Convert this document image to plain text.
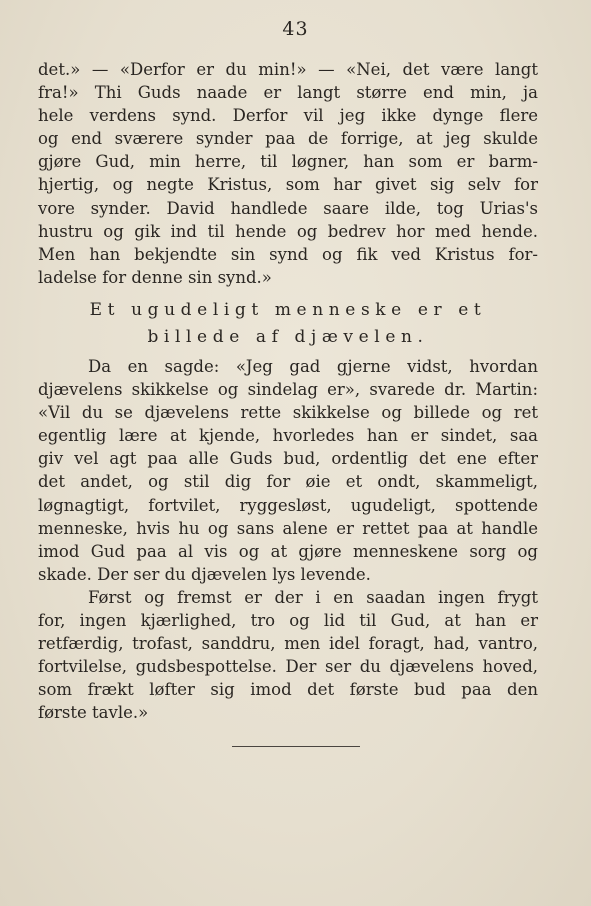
43
det.» — «Derfor er du min!» — «Nei, det være langt
fra!» Thi Guds naade er langt større end min, ja
hele verdens synd. Derfor vil jeg ikke dynge flere
og end sværere synder paa de forrige, at jeg skulde
gjøre Gud, min herre, til løgner, han som er barm-
hjertig, og negte Kristus, som har givet sig selv for
vore synder. David handlede saare ilde, tog Urias's
hustru og gik ind til hende og bedrev hor med hende.
Men han bekjendte sin synd og fik ved Kristus for-
ladelse for denne sin synd.»
Et ugudeligt menneske er et
billede af djævelen.
Da en sagde: «Jeg gad gjerne vidst, hvordan
djævelens skikkelse og sindelag er», svarede dr. Martin:
«Vil du se djævelens rette skikkelse og billede og ret
egentlig lære at kjende, hvorledes han er sindet, saa
giv vel agt paa alle Guds bud, ordentlig det ene efter
det andet, og stil dig for øie et ondt, skammeligt,
løgnagtigt, fortvilet, ryggesløst, ugudeligt, spottende
menneske, hvis hu og sans alene er rettet paa at handle
imod Gud paa al vis og at gjøre menneskene sorg og
skade. Der ser du djævelen lys levende.
Først og fremst er der i en saadan ingen frygt
for, ingen kjærlighed, tro og lid til Gud, at han er
retfærdig, trofast, sanddru, men idel foragt, had, vantro,
fortvilelse, gudsbespottelse. Der ser du djævelens hoved,
som frækt løfter sig imod det første bud paa den
første tavle.»
